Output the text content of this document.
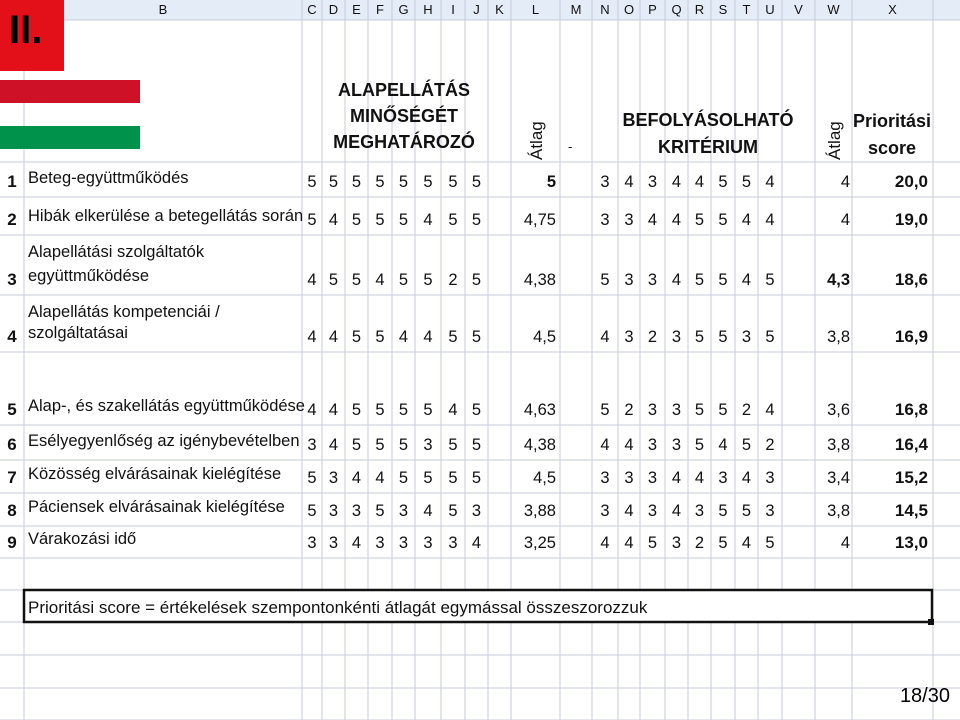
B	C D E F G H I J K L M N O P Q R S T U V W	X
ALAPELLÁTÁS
MINŐSÉGÉT
MEGHATÁROZÓ	Átlag -
BEFOLYÁSOLHATÓ
KRITÉRIUM	Átlag
Prioritási
score
1 Beteg-együttműködés	5 5 5 5 5 5 5 5	5	3 4 3 4 4 5 5 4	4	20,0
2 Hibák elkerülése a betegellátás során 5 4 5 5 5 4 5 5	4,75	3 3 4 4 5 5 4 4	4	19,0
3
Alapellátási szolgáltatók
együttműködése	4 5 5 4 5 5 2 5	4,38	5 3 3 4 5 5 4 5	4,3	18,6
4
Alapellátás kompetenciái /
szolgáltatásai	4 4 5 5 4 4 5 5	4,5	4 3 2 3 5 5 3 5	3,8	16,9
5 Alap-, és szakellátás együttműködése 4 4 5 5 5 5 4 5	4,63	5 2 3 3 5 5 2 4	3,6	16,8
6 Esélyegyenlőség az igénybevételben 3 4 5 5 5 3 5 5	4,38	4 4 3 3 5 4 5 2	3,8	16,4
7 Közösség elvárásainak kielégítése 5 3 4 4 5 5 5 5	4,5	3 3 3 4 4 3 4 3	3,4	15,2
8 Páciensek elvárásainak kielégítése 5 3 3 5 3 4 5 3	3,88	3 4 3 4 3 5 5 3	3,8	14,5
9 Várakozási idő	3 3 4 3 3 3 3 4	3,25	4 4 5 3 2 5 4 5	4	13,0
Prioritási score = értékelések szempontonkénti átlagát egymással összeszorozzuk
II.
18/30
